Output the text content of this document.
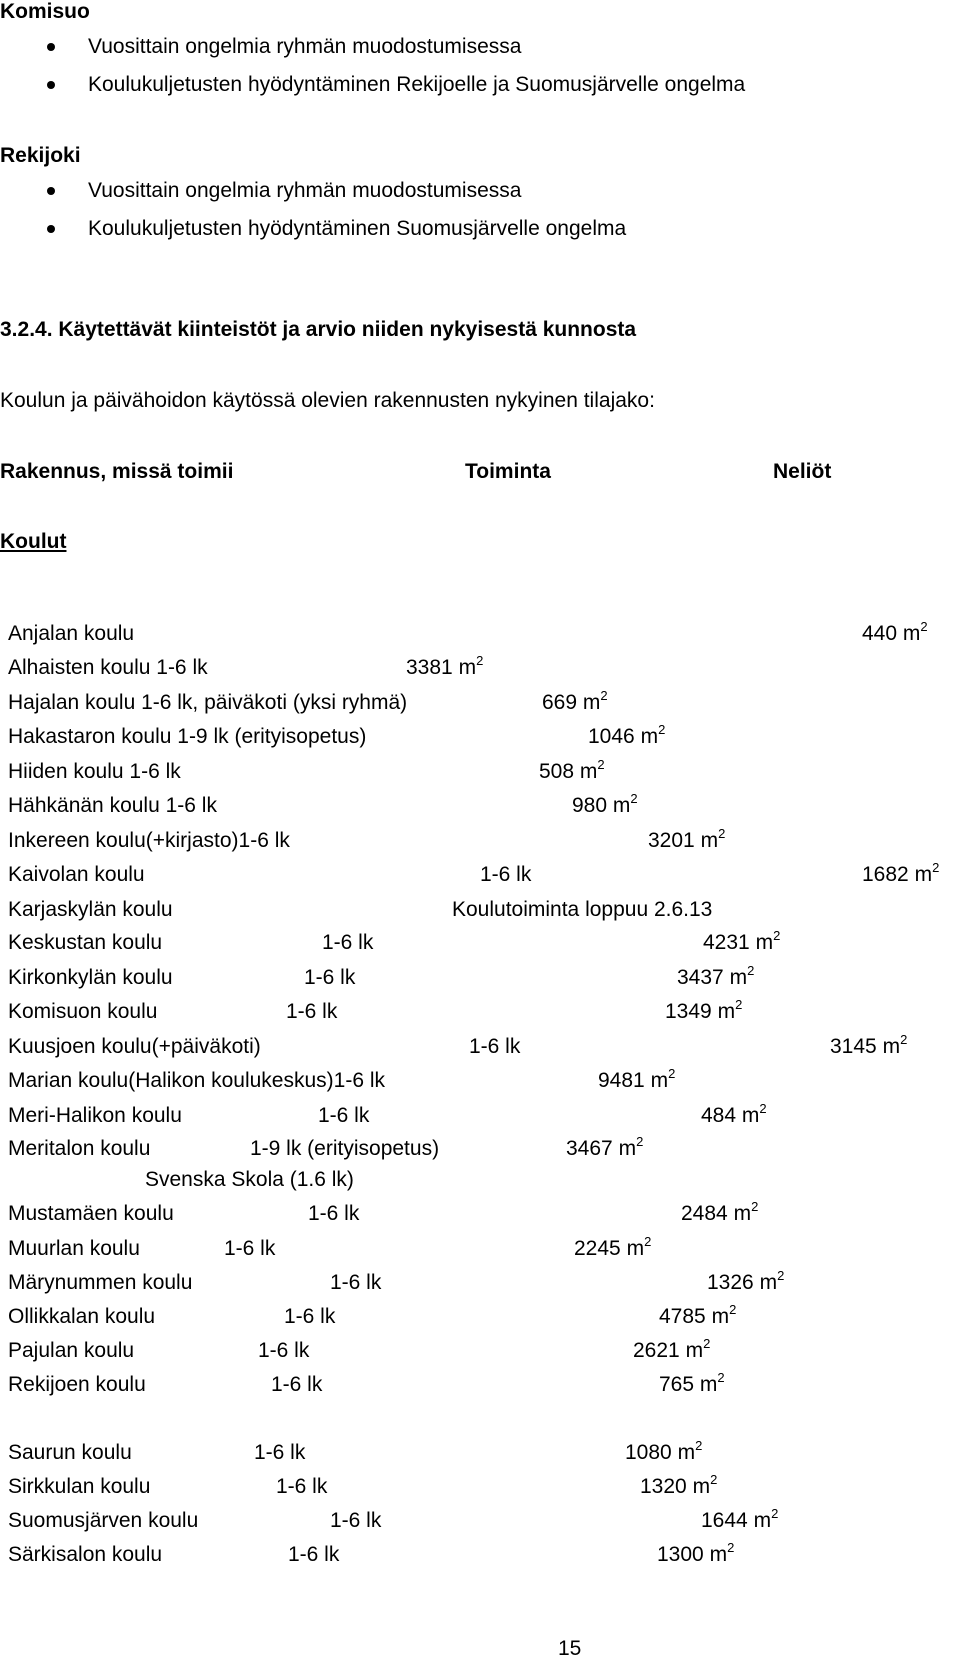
Komisuo
Vuosittain ongelmia ryhmän muodostumisessa
Koulukuljetusten hyödyntäminen Rekijoelle ja Suomusjärvelle ongelma
Rekijoki
Vuosittain ongelmia ryhmän muodostumisessa
Koulukuljetusten hyödyntäminen Suomusjärvelle ongelma
3.2.4. Käytettävät kiinteistöt ja arvio niiden nykyisestä kunnosta
Koulun ja päivähoidon käytössä olevien rakennusten nykyinen tilajako:
Rakennus, missä toimii	Toiminta	Neliöt
Koulut
Anjalan koulu	440 $m^2$
Alhaisten koulu 1-6 lk	3381 $m^2$
Hajalan koulu 1-6 lk, päiväkoti (yksi ryhmä)	669 $m^2$
Hakastaron koulu 1-9 lk (erityisopetus)	1046 $m^2$
Hiiden koulu 1-6 lk	508 $m^2$
Hähkänän koulu 1-6 lk	980 $m^2$
Inkereen koulu(+kirjasto)1-6 lk	3201 $m^2$
Kaivolan koulu	1-6 lk	1682 $m^2$
Karjaskylän koulu	Koulutoiminta loppuu 2.6.13
Keskustan koulu	1-6 lk	4231 $m^2$
Kirkonkylän koulu	1-6 lk	3437 $m^2$
Komisuon koulu	1-6 lk	1349 $m^2$
Kuusjoen koulu(+päiväkoti)	1-6 lk	3145 $m^2$
Marian koulu(Halikon koulukeskus)1-6 lk	9481 $m^2$
Meri-Halikon koulu	1-6 lk	484 $m^2$
Meritalon koulu	1-9 lk (erityisopetus)	3467 $m^2$
Svenska Skola (1.6 lk)
Mustamäen koulu	1-6 lk	2484 $m^2$
Muurlan koulu	1-6 lk	2245 $m^2$
Märynummen koulu	1-6 lk	1326 $m^2$
Ollikkalan koulu	1-6 lk	4785 $m^2$
Pajulan koulu	1-6 lk	2621 $m^2$
Rekijoen koulu	1-6 lk	765 $m^2$
Saurun koulu	1-6 lk	1080 $m^2$
Sirkkulan koulu	1-6 lk	1320 $m^2$
Suomusjärven koulu	1-6 lk	1644 $m^2$
Särkisalon koulu	1-6 lk	1300 $m^2$
15
